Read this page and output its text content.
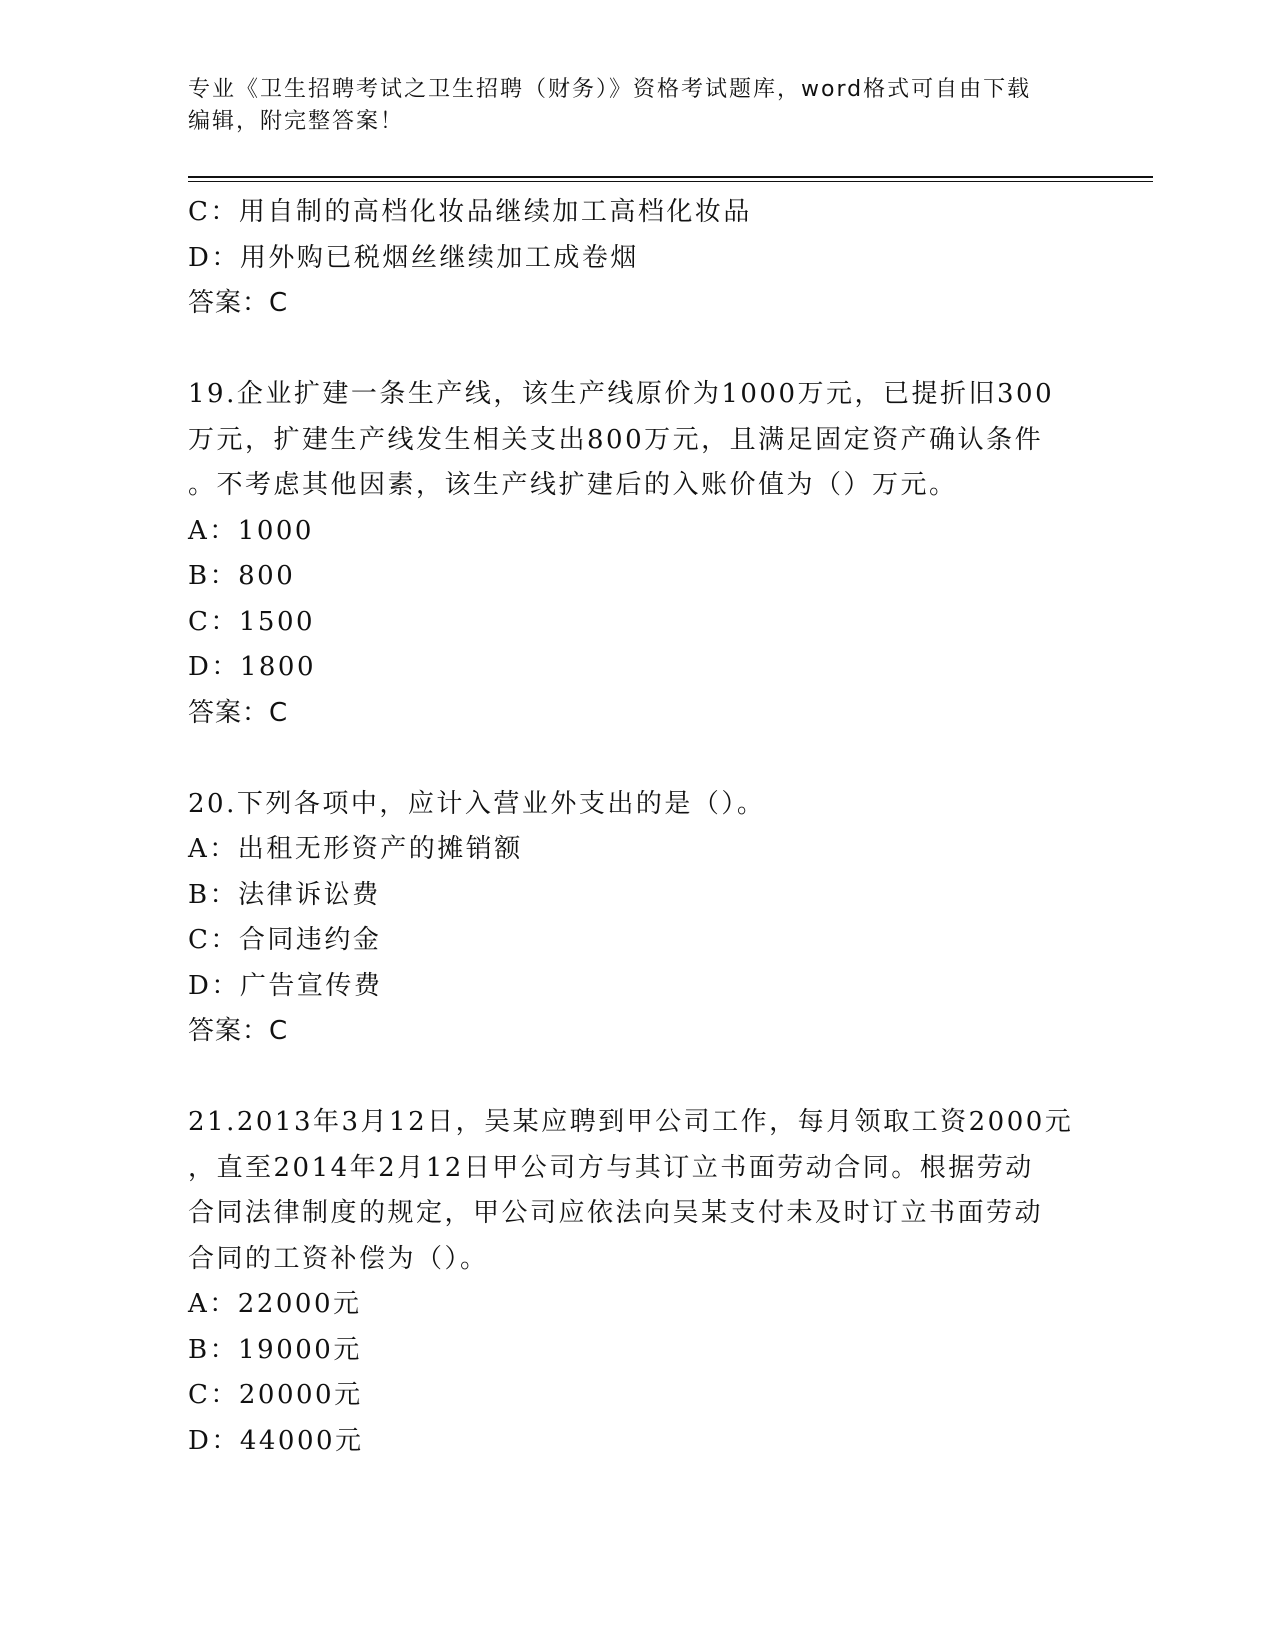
专业《卫生招聘考试之卫生招聘（财务）》资格考试题库，word格式可自由下载
编辑，附完整答案！
C：用自制的高档化妆品继续加工高档化妆品
D：用外购已税烟丝继续加工成卷烟
答案：C
19.企业扩建一条生产线，该生产线原价为1000万元，已提折旧300
万元，扩建生产线发生相关支出800万元，且满足固定资产确认条件
。不考虑其他因素，该生产线扩建后的入账价值为（）万元。
A：1000
B：800
C：1500
D：1800
答案：C
20.下列各项中，应计入营业外支出的是（）。
A：出租无形资产的摊销额
B：法律诉讼费
C：合同违约金
D：广告宣传费
答案：C
21.2013年3月12日，吴某应聘到甲公司工作，每月领取工资2000元
，直至2014年2月12日甲公司方与其订立书面劳动合同。根据劳动
合同法律制度的规定，甲公司应依法向吴某支付未及时订立书面劳动
合同的工资补偿为（）。
A：22000元
B：19000元
C：20000元
D：44000元
